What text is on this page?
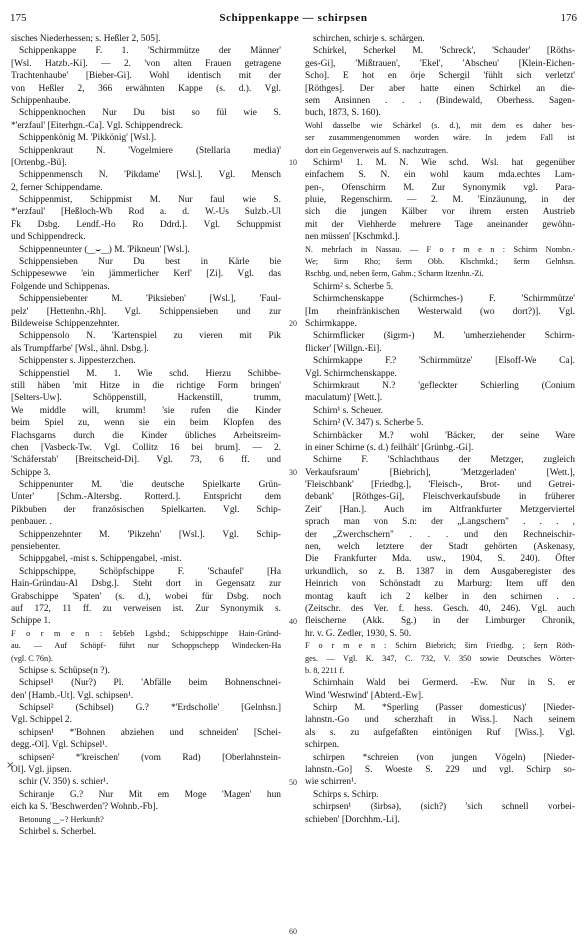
175	Schippenkappe — schirpsen	176
sisches Niederhessen; s. Heßler 2, 505].
Schippenkappe F. 1. 'Schirmmütze der Männer'
[Wsl. Hatzb.-Ki]. — 2. 'von alten Frauen getragene
Trachtenhaube' [Bieber-Gi]. Wohl identisch mit der
von Heßler 2, 366 erwähnten Kappe (s. d.). Vgl.
Schippenhaube.
Schippenknochen Nur Du bist so fül wie S.
*'erzfaul' [Eiterhgn.-Ca]. Vgl. Schippendreck.
Schippenkönig M. 'Pikkönig' [Wsl.].
Schippenkraut N. 'Vogelmiere (Stellaria media)'
[Ortenbg.-Bü].
Schippenmensch N. 'Pikdame' [Wsl.]. Vgl. Mensch
2, ferner Schippendame.
Schippenmist, Schippmist M. Nur faul wie S.
*'erzfaul' [Heßloch-Wb Rod a. d. W.-Us Sulzb.-Ul
Fk Dsbg. Lendf.-Ho Ro Ddrd.]. Vgl. Schuppmist
und Schippendreck.
Schippenneunter (‿⌣‿) M. 'Pikneun' [Wsl.].
Schippensieben Nur Du best in Kärle bie
Schippesewwe 'ein jämmerlicher Kerl' [Zi]. Vgl. das
Folgende und Schippenas.
Schippensiebenter M. 'Piksieben' [Wsl.], 'Faul-
pelz' [Hettenhn.-Rh]. Vgl. Schippensieben und zur
Bildeweise Schippenzehnter.
Schippensolo N. 'Kartenspiel zu vieren mit Pik
als Trumpffarbe' [Wsl., ähnl. Dsbg.].
Schippenster s. Jippesterzchen.
Schippenstiel M. 1. Wie schd. Hierzu Schibbe-
still häben 'mit Hitze in die richtige Form bringen'
[Selters-Uw]. Schöppenstill, Hackenstill, trumm,
We middle will, krumm! 'sie rufen die Kinder
beim Spiel zu, wenn sie ein beim Klopfen des
Flachsgarns durch die Kinder übliches Arbeitsreim-
chen [Vasbeck-Tw. Vgl. Collitz 16 bei brum]. — 2.
'Schäferstab' [Breitscheid-Di]. Vgl. 73, 6 ff. und
Schippe 3.
Schippenunter M. 'die deutsche Spielkarte Grün-
Unter' [Schm.-Altersbg. Rotterd.]. Entspricht dem
Pikbuben der französischen Spielkarten. Vgl. Schip-
penbauer. .
Schippenzehnter M. 'Pikzehn' [Wsl.]. Vgl. Schip-
pensiebenter.
Schippgabel, -mist s. Schippengabel, -mist.
Schippschippe, Schöpfschippe F. 'Schaufel' [Ha
Hain-Gründau-Al Dsbg.]. Steht dort in Gegensatz zur
Grabschippe 'Spaten' (s. d.), wobei für Dsbg. noch
auf 172, 11 ff. zu verweisen ist. Zur Synonymik s.
Schippe 1.
F o r m e n : šebšeb Lgsbd.; Schippschippe Hain-Gründ-
au. — Auf Schöpf- führt nur Schoppschepp Windecken-Ha
(vgl. C 76n).
Schipse s. Schüpse(n ?).
Schipsel¹ (Nur?) Pl. 'Abfälle beim Bohnenschnei-
den' [Hamb.-Ut]. Vgl. schipsen¹.
Schipsel² (Schibsel) G.? *'Erdscholle' [Gelnhsn.]
Vgl. Schippel 2.
schipsen¹ *'Bohnen abziehen und schneiden' [Schei-
degg.-Ol]. Vgl. Schipsel¹.
schipsen² *'kreischen' (vom Rad) [Oberlahnstein-
Ol]. Vgl. jipsen.
schir (V. 350) s. schier¹.
Schiranje G.? Nur Mit em Moge 'Magen' hun
eich ka S. 'Beschwerden'? Wohnb.-Fb].
Betonung ‿⌣? Herkunft?
Schirbel s. Scherbel.
schirchen, schirje s. schärgen.
Schirkel, Scherkel M. 'Schreck', 'Schauder' [Röths-
ges-Gi], 'Mißtrauen', 'Ekel', 'Abscheu' [Klein-Eichen-
Scho]. E hot en örje Schergil 'fühlt sich verletzt'
[Röthges]. Der aber hatte einen Schirkel an die-
sem Ansinnen . . . (Bindewald, Oberhess. Sagen-
buch, 1873, S. 160).
Wohl dasselbe wie Schärkel (s. d.), mit dem es daher bes-
ser zusammengenommen worden wäre. In jedem Fall ist
dort ein Gegenverweis auf S. nachzutragen.
Schirm¹ 1. M. N. Wie schd. Wsl. hat gegenüber
einfachem S. N. ein wohl kaum mda.echtes Lam-
pen-, Ofenschirm M. Zur Synonymik vgl. Para-
pluie, Regenschirm. — 2. M. 'Einzäunung, in der
sich die jungen Kälber vor ihrem ersten Austrieb
mit der Viehherde mehrere Tage aneinander gewöhn-
nen müssen' [Kschmkd.].
N. mehrfach in Nassau. — F o r m e n : Schirm Nombn.-
We; širm Rho; šerm Obb. Klschmkd.; šerm Gelnhsn.
Rschbg. und, neben šerm, Gahm.; Scharm Itzenhn.-Zi.
Schirm² s. Scherbe 5.
Schirmchenskappe (Schirmches-) F. 'Schirmmütze'
[Im rheinfränkischen Westerwald (wo dort?)]. Vgl.
Schirmkappe.
Schirmflicker (šigrm-) M. 'umherziehender Schirm-
flicker' [Willgn.-Ei].
Schirmkappe F.? 'Schirmmütze' [Elsoff-We Ca].
Vgl. Schirmchenskappe.
Schirmkraut N.? 'gefleckter Schierling (Conium
maculatum)' [Wett.].
Schirn¹ s. Scheuer.
Schirn² (V. 347) s. Scherbe 5.
Schirnbäcker M.? wohl 'Bäcker, der seine Ware
in einer Schirne (s. d.) feilhält' [Grünbg.-Gi].
Schirne F. 'Schlachthaus der Metzger, zugleich
Verkaufsraum' [Biebrich], 'Metzgerladen' [Wett.],
'Fleischbank' [Friedbg.], 'Fleisch-, Brot- und Getrei-
debank' [Röthges-Gi], Fleischverkaufsbude in früherer
Zeit' [Han.]. Auch im Altfrankfurter Metzgerviertel
sprach man von S.n: der „Langschern" . . . ,
der „Zwerchschern" . . . und den Rechneischir-
nen, welch letztere der Stadt gehörten (Askenasy,
Die Frankfurter Mda. usw., 1904, S. 240). Öfter
urkundlich, so z. B. 1387 in dem Ausgaberegister des
Heinrich von Schönstadt zu Marburg: Item uff den
montag kauft ich 2 kelber in den schirnen . .
(Zeitschr. des Ver. f. hess. Gesch. 40, 246). Vgl. auch
fleischerne (Akk. Sg.) in der Limburger Chronik,
hr. v. G. Zedler, 1930, S. 50.
F o r m e n : Schirn Biebrich; širn Friedbg. ; šeṛn Röth-
ges. — Vgl. K. 347, C. 732, V. 350 sowie Deutsches Wörter-
b. 8, 2211 f.
Schirnhain Wald bei Germerd. -Ew. Nur in S. er
Wind 'Westwind' [Abterd.-Ew].
Schirp M. *Sperling (Passer domesticus)' [Nieder-
lahnstn.-Go und scherzhaft in Wiss.]. Nach seinem
als s. zu aufgefaßten eintönigen Ruf [Wiss.]. Vgl.
schirpen.
schirpen *schreien (von jungen Vögeln) [Nieder-
lahnstn.-Go] S. Woeste S. 229 und vgl. Schirp so-
wie schirren¹.
Schirps s. Schirp.
schirpsen¹ (širbsə), (sich?) 'sich schnell vorbei-
schieben' [Dorchhm.-Li].
10
20
30
40
50
60
×
